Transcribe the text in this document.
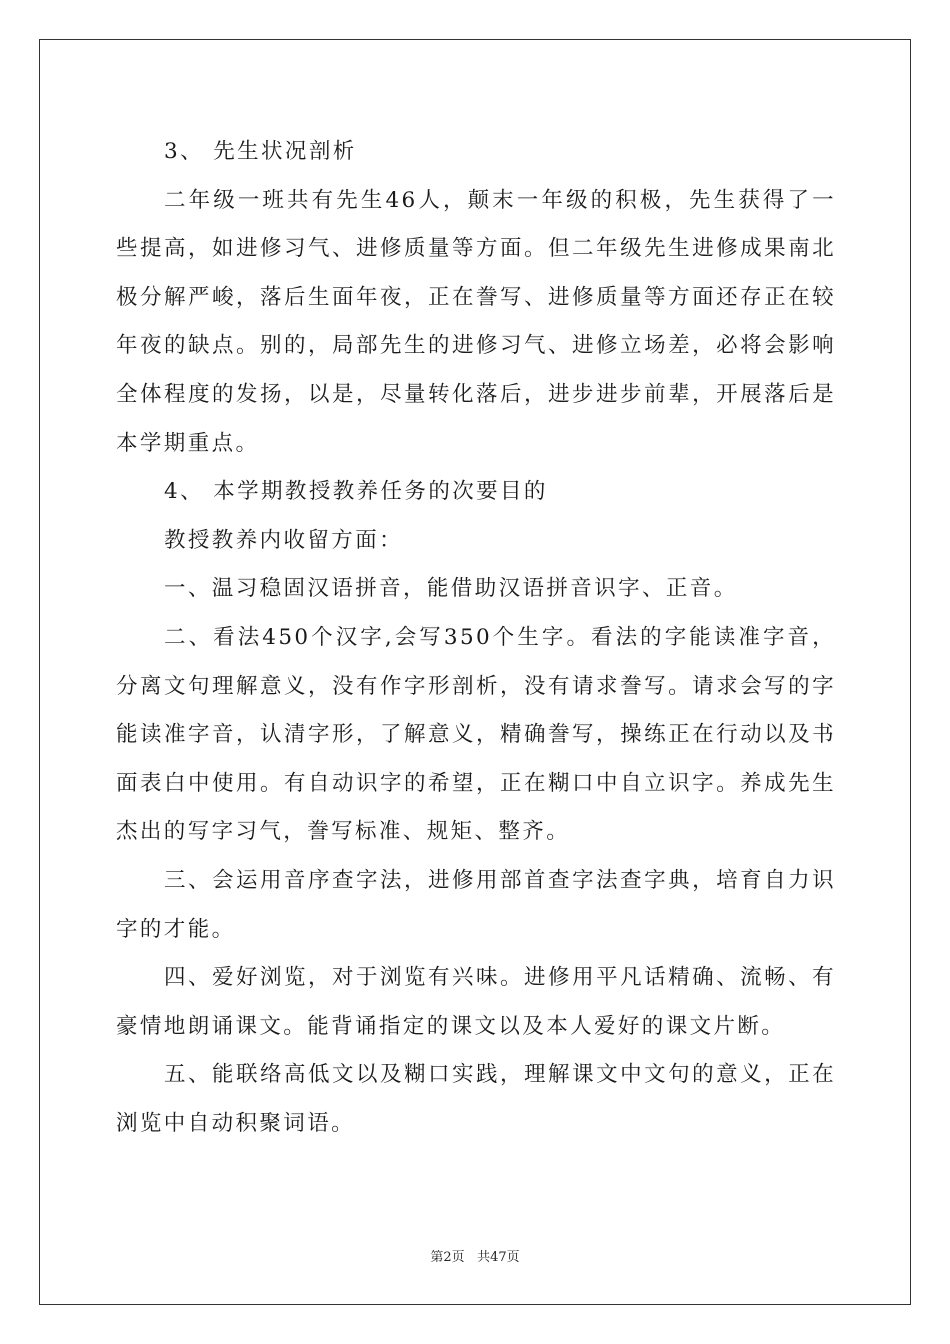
3、 先生状况剖析

二年级一班共有先生46人，颠末一年级的积极，先生获得了一些提高，如进修习气、进修质量等方面。但二年级先生进修成果南北极分解严峻，落后生面年夜，正在誊写、进修质量等方面还存正在较年夜的缺点。别的，局部先生的进修习气、进修立场差，必将会影响全体程度的发扬，以是，尽量转化落后，进步进步前辈，开展落后是本学期重点。

4、 本学期教授教养任务的次要目的

教授教养内收留方面：

一、温习稳固汉语拼音，能借助汉语拼音识字、正音。

二、看法450个汉字,会写350个生字。看法的字能读准字音，分离文句理解意义，没有作字形剖析，没有请求誊写。请求会写的字能读准字音，认清字形，了解意义，精确誊写，操练正在行动以及书面表白中使用。有自动识字的希望，正在糊口中自立识字。养成先生杰出的写字习气，誊写标准、规矩、整齐。

三、会运用音序查字法，进修用部首查字法查字典，培育自力识字的才能。

四、爱好浏览，对于浏览有兴味。进修用平凡话精确、流畅、有豪情地朗诵课文。能背诵指定的课文以及本人爱好的课文片断。

五、能联络高低文以及糊口实践，理解课文中文句的意义，正在浏览中自动积聚词语。

第2页 共47页
